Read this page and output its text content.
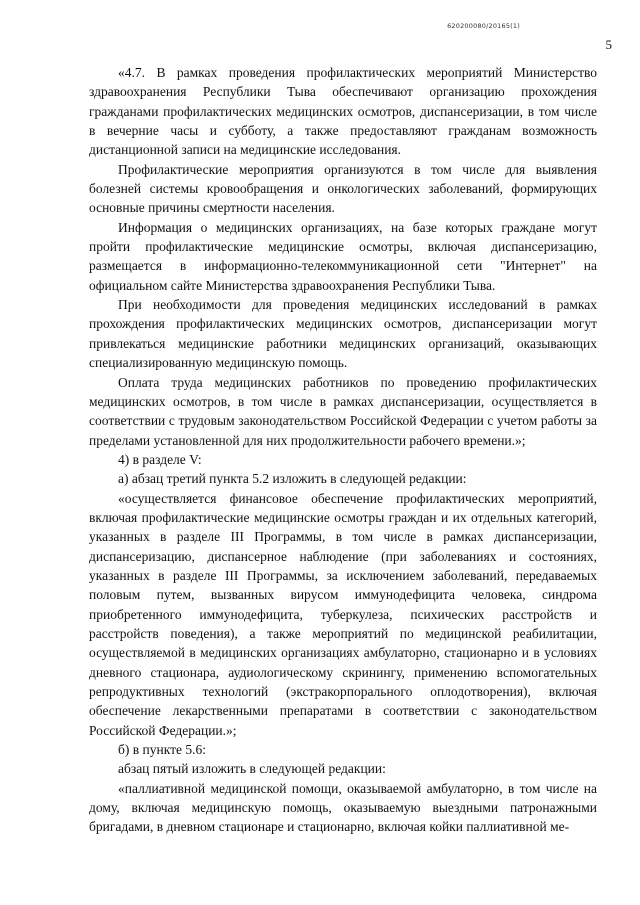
620200080/20165(1)
5

«4.7. В рамках проведения профилактических мероприятий Министерство здравоохранения Республики Тыва обеспечивают организацию прохождения гражданами профилактических медицинских осмотров, диспансеризации, в том числе в вечерние часы и субботу, а также предоставляют гражданам возможность дистанционной записи на медицинские исследования.

Профилактические мероприятия организуются в том числе для выявления болезней системы кровообращения и онкологических заболеваний, формирующих основные причины смертности населения.

Информация о медицинских организациях, на базе которых граждане могут пройти профилактические медицинские осмотры, включая диспансеризацию, размещается в информационно-телекоммуникационной сети "Интернет" на официальном сайте Министерства здравоохранения Республики Тыва.

При необходимости для проведения медицинских исследований в рамках прохождения профилактических медицинских осмотров, диспансеризации могут привлекаться медицинские работники медицинских организаций, оказывающих специализированную медицинскую помощь.

Оплата труда медицинских работников по проведению профилактических медицинских осмотров, в том числе в рамках диспансеризации, осуществляется в соответствии с трудовым законодательством Российской Федерации с учетом работы за пределами установленной для них продолжительности рабочего времени.»;

4) в разделе V:

а) абзац третий пункта 5.2 изложить в следующей редакции:

«осуществляется финансовое обеспечение профилактических мероприятий, включая профилактические медицинские осмотры граждан и их отдельных категорий, указанных в разделе III Программы, в том числе в рамках диспансеризации, диспансеризацию, диспансерное наблюдение (при заболеваниях и состояниях, указанных в разделе III Программы, за исключением заболеваний, передаваемых половым путем, вызванных вирусом иммунодефицита человека, синдрома приобретенного иммунодефицита, туберкулеза, психических расстройств и расстройств поведения), а также мероприятий по медицинской реабилитации, осуществляемой в медицинских организациях амбулаторно, стационарно и в условиях дневного стационара, аудиологическому скринингу, применению вспомогательных репродуктивных технологий (экстракорпорального оплодотворения), включая обеспечение лекарственными препаратами в соответствии с законодательством Российской Федерации.»;

б) в пункте 5.6:

абзац пятый изложить в следующей редакции:

«паллиативной медицинской помощи, оказываемой амбулаторно, в том числе на дому, включая медицинскую помощь, оказываемую выездными патронажными бригадами, в дневном стационаре и стационарно, включая койки паллиативной ме-
